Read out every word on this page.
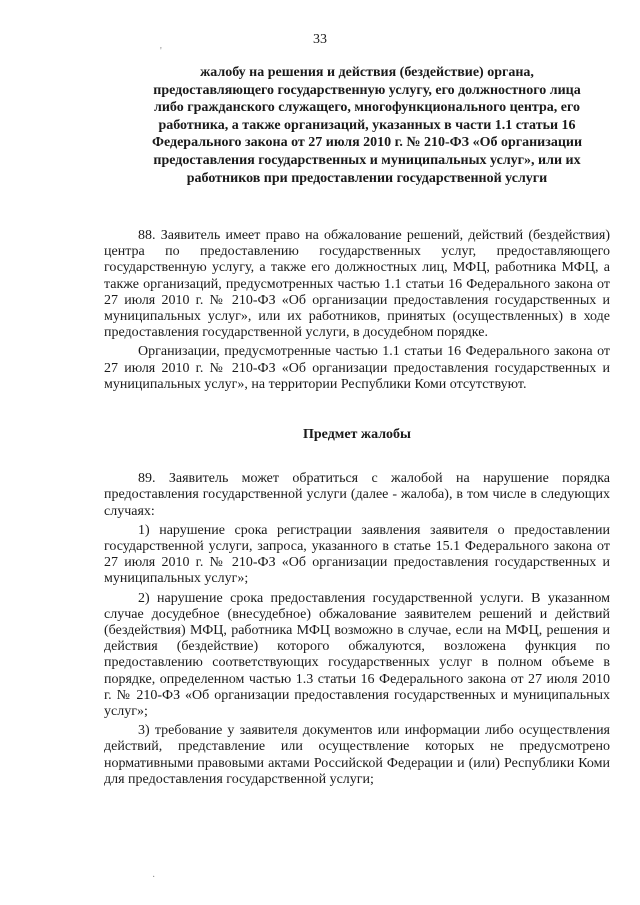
'
·
33
жалобу на решения и действия (бездействие) органа, предоставляющего государственную услугу, его должностного лица либо гражданского служащего, многофункционального центра, его работника, а также организаций, указанных в части 1.1 статьи 16 Федерального закона от 27 июля 2010 г. № 210-ФЗ «Об организации предоставления государственных и муниципальных услуг», или их работников при предоставлении государственной услуги

88. Заявитель имеет право на обжалование решений, действий (бездействия) центра по предоставлению государственных услуг, предоставляющего государственную услугу, а также его должностных лиц, МФЦ, работника МФЦ, а также организаций, предусмотренных частью 1.1 статьи 16 Федерального закона от 27 июля 2010 г. № 210-ФЗ «Об организации предоставления государственных и муниципальных услуг», или их работников, принятых (осуществленных) в ходе предоставления государственной услуги, в досудебном порядке.

Организации, предусмотренные частью 1.1 статьи 16 Федерального закона от 27 июля 2010 г. № 210-ФЗ «Об организации предоставления государственных и муниципальных услуг», на территории Республики Коми отсутствуют.

Предмет жалобы

89. Заявитель может обратиться с жалобой на нарушение порядка предоставления государственной услуги (далее - жалоба), в том числе в следующих случаях:

1) нарушение срока регистрации заявления заявителя о предоставлении государственной услуги, запроса, указанного в статье 15.1 Федерального закона от 27 июля 2010 г. № 210-ФЗ «Об организации предоставления государственных и муниципальных услуг»;

2) нарушение срока предоставления государственной услуги. В указанном случае досудебное (внесудебное) обжалование заявителем решений и действий (бездействия) МФЦ, работника МФЦ возможно в случае, если на МФЦ, решения и действия (бездействие) которого обжалуются, возложена функция по предоставлению соответствующих государственных услуг в полном объеме в порядке, определенном частью 1.3 статьи 16 Федерального закона от 27 июля 2010 г. № 210-ФЗ «Об организации предоставления государственных и муниципальных услуг»;

3) требование у заявителя документов или информации либо осуществления действий, представление или осуществление которых не предусмотрено нормативными правовыми актами Российской Федерации и (или) Республики Коми для предоставления государственной услуги;
